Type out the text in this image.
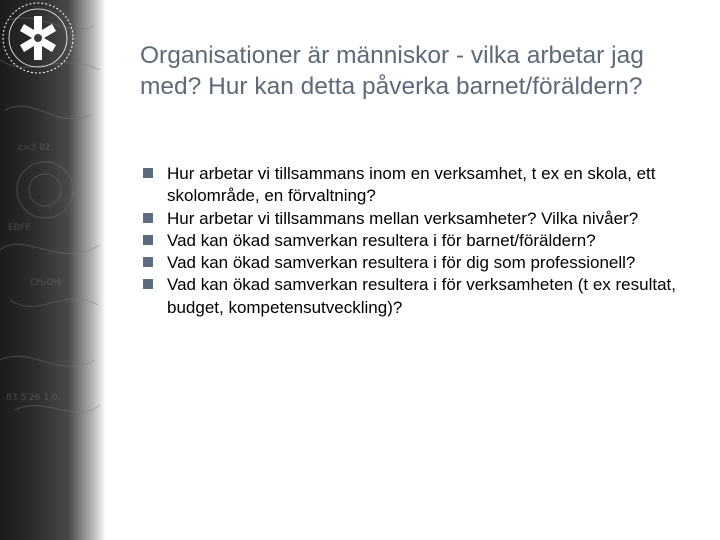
c=3 02
EBFE
CH₂OH
83 5 26 1 0
Organisationer är människor - vilka arbetar jag med? Hur kan detta påverka barnet/föräldern?
Hur arbetar vi tillsammans inom en verksamhet, t ex en skola, ett skolområde, en förvaltning?
Hur arbetar vi tillsammans mellan verksamheter? Vilka nivåer?
Vad kan ökad samverkan resultera i för barnet/föräldern?
Vad kan ökad samverkan resultera i för dig som professionell?
Vad kan ökad samverkan resultera i för verksamheten (t ex resultat, budget, kompetensutveckling)?
